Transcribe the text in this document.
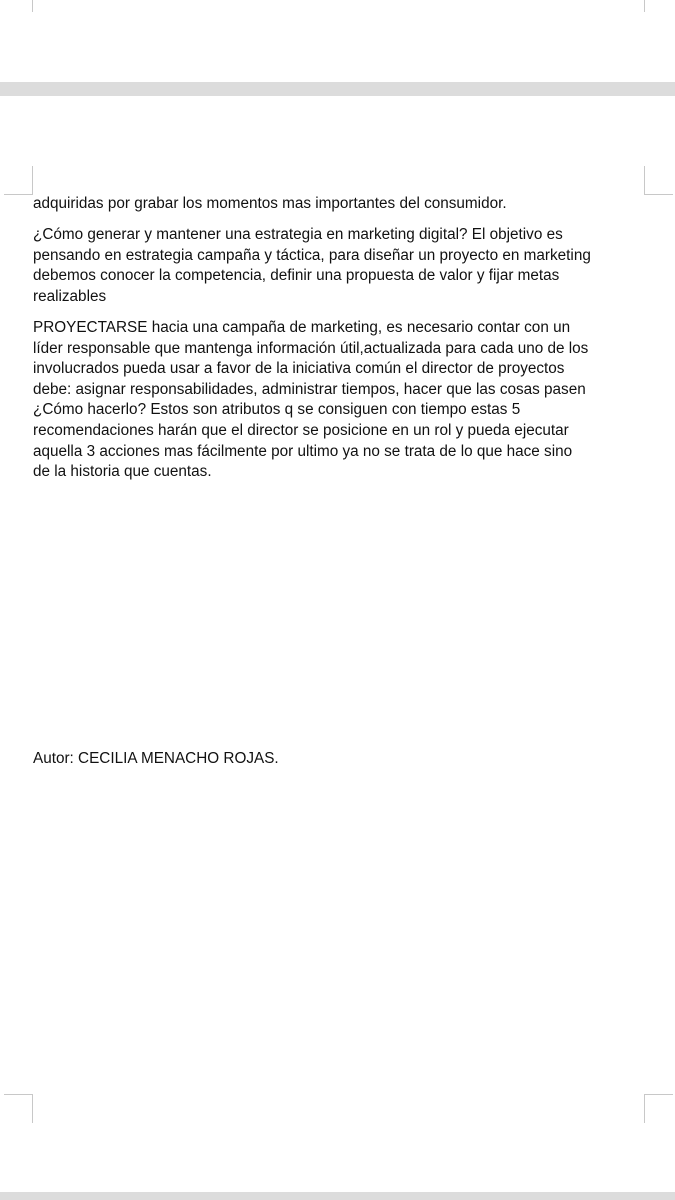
adquiridas por grabar los momentos mas importantes del consumidor.

¿Cómo generar y mantener una estrategia en marketing digital? El objetivo es
pensando en estrategia campaña y táctica, para diseñar un proyecto en marketing
debemos conocer la competencia, definir una propuesta de valor y fijar metas
realizables

PROYECTARSE hacia una campaña de marketing, es necesario contar con un
líder responsable que mantenga información útil,actualizada para cada uno de los
involucrados pueda usar a favor de la iniciativa común el director de proyectos
debe: asignar responsabilidades, administrar tiempos, hacer que las cosas pasen
¿Cómo hacerlo? Estos son atributos q se consiguen con tiempo estas 5
recomendaciones harán que el director se posicione en un rol y pueda ejecutar
aquella 3 acciones mas fácilmente por ultimo ya no se trata de lo que hace sino
de la historia que cuentas.

Autor: CECILIA MENACHO ROJAS.
